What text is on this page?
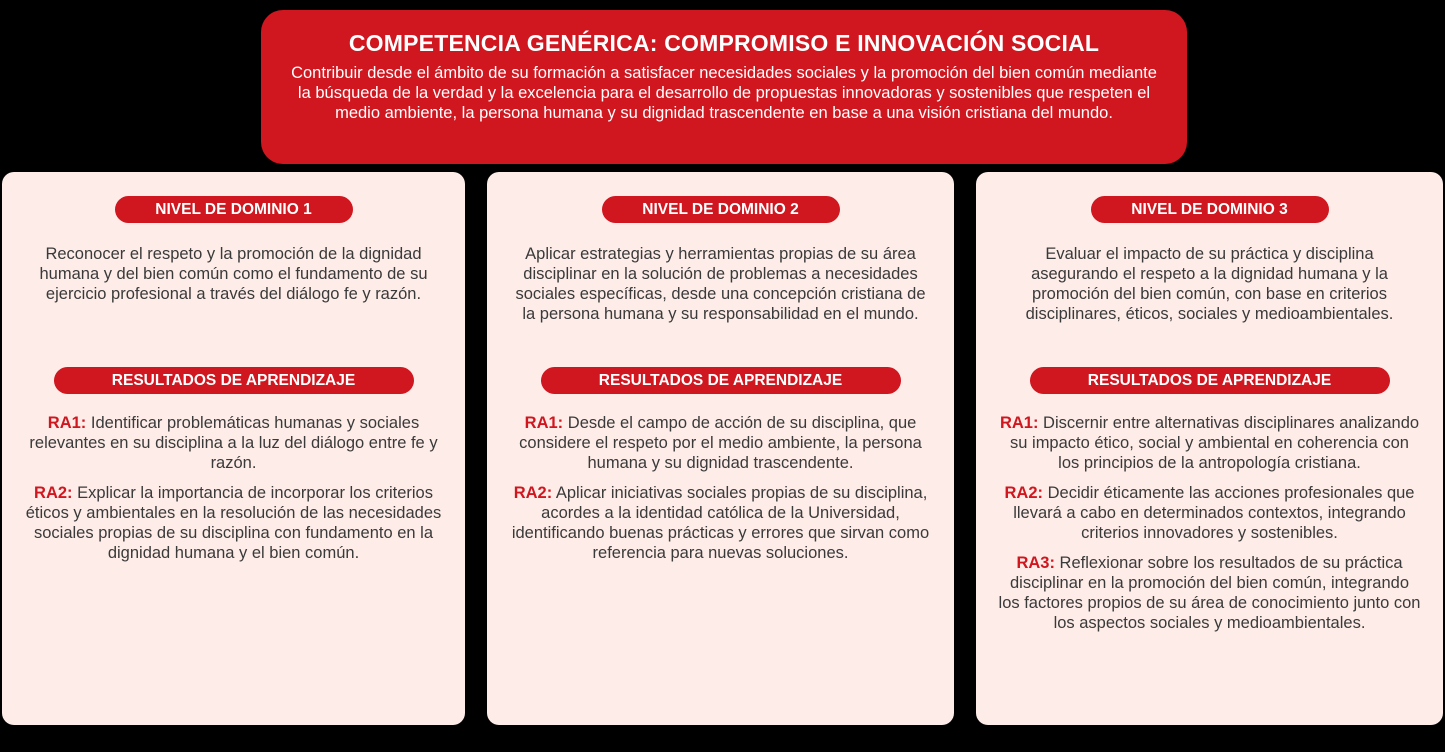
COMPETENCIA GENÉRICA: COMPROMISO E INNOVACIÓN SOCIAL
Contribuir desde el ámbito de su formación a satisfacer necesidades sociales y la promoción del bien común mediante la búsqueda de la verdad y la excelencia para el desarrollo de propuestas innovadoras y sostenibles que respeten el medio ambiente, la persona humana y su dignidad trascendente en base a una visión cristiana del mundo.
NIVEL DE DOMINIO 1

Reconocer el respeto y la promoción de la dignidad humana y del bien común como el fundamento de su ejercicio profesional a través del diálogo fe y razón.

RESULTADOS DE APRENDIZAJE

RA1: Identificar problemáticas humanas y sociales relevantes en su disciplina a la luz del diálogo entre fe y razón.

RA2: Explicar la importancia de incorporar los criterios éticos y ambientales en la resolución de las necesidades sociales propias de su disciplina con fundamento en la dignidad humana y el bien común.

NIVEL DE DOMINIO 2

Aplicar estrategias y herramientas propias de su área disciplinar en la solución de problemas a necesidades sociales específicas, desde una concepción cristiana de la persona humana y su responsabilidad en el mundo.

RESULTADOS DE APRENDIZAJE

RA1: Desde el campo de acción de su disciplina, que considere el respeto por el medio ambiente, la persona humana y su dignidad trascendente.

RA2: Aplicar iniciativas sociales propias de su disciplina, acordes a la identidad católica de la Universidad, identificando buenas prácticas y errores que sirvan como referencia para nuevas soluciones.

NIVEL DE DOMINIO 3

Evaluar el impacto de su práctica y disciplina asegurando el respeto a la dignidad humana y la promoción del bien común, con base en criterios disciplinares, éticos, sociales y medioambientales.

RESULTADOS DE APRENDIZAJE

RA1: Discernir entre alternativas disciplinares analizando su impacto ético, social y ambiental en coherencia con los principios de la antropología cristiana.

RA2: Decidir éticamente las acciones profesionales que llevará a cabo en determinados contextos, integrando criterios innovadores y sostenibles.

RA3: Reflexionar sobre los resultados de su práctica disciplinar en la promoción del bien común, integrando los factores propios de su área de conocimiento junto con los aspectos sociales y medioambientales.
